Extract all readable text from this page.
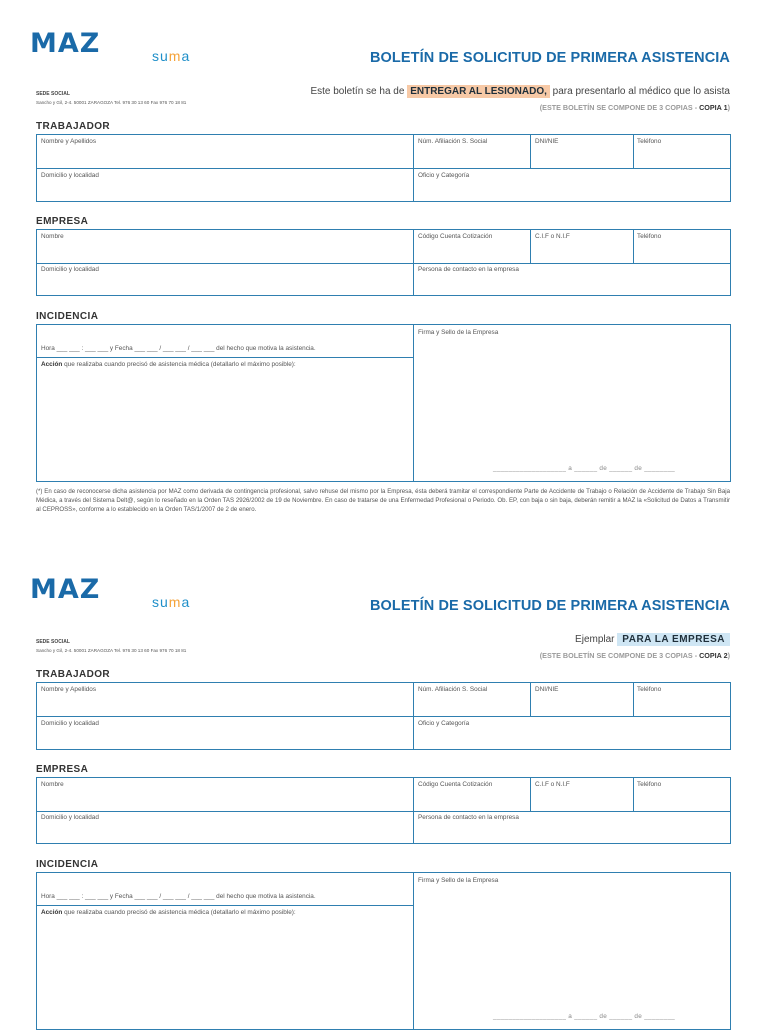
MAZ	suma	BOLETÍN DE SOLICITUD DE PRIMERA ASISTENCIA
SEDE SOCIAL
Sancho y Gil, 2-4. 50001 ZARAGOZA Tel. 976 30 13 60 Fax 976 70 18 81
Este boletín se ha de ENTREGAR AL LESIONADO, para presentarlo al médico que lo asista
(ESTE BOLETÍN SE COMPONE DE 3 COPIAS - COPIA 1)
TRABAJADOR
Nombre y Apellidos	Núm. Afiliación S. Social	DNI/NIE	Teléfono
Domicilio y localidad	Oficio y Categoría
EMPRESA
Nombre	Código Cuenta Cotización	C.I.F o N.I.F	Teléfono
Domicilio y localidad	Persona de contacto en la empresa
INCIDENCIA
Hora ___ ___ : ___ ___ y Fecha ___ ___ / ___ ___ / ___ ___ del hecho que motiva la asistencia.
Acción que realizaba cuando precisó de asistencia médica (detallarlo el máximo posible):
Firma y Sello de la Empresa
___________________ a ______ de ______ de ________
(*) En caso de reconocerse dicha asistencia por MAZ como derivada de contingencia profesional, salvo rehuse del mismo por la Empresa, ésta deberá tramitar el correspondiente Parte de Accidente de Trabajo o Relación de Accidente de Trabajo Sin Baja Médica, a través del Sistema Delt@, según lo reseñado en la Orden TAS 2926/2002 de 19 de Noviembre. En caso de tratarse de una Enfermedad Profesional o Periodo. Ob. EP, con baja o sin baja, deberán remitir a MAZ la «Solicitud de Datos a Transmitir al CEPROSS», conforme a lo establecido en la Orden TAS/1/2007 de 2 de enero.
MAZ	suma	BOLETÍN DE SOLICITUD DE PRIMERA ASISTENCIA
SEDE SOCIAL
Sancho y Gil, 2-4. 50001 ZARAGOZA Tel. 976 30 13 60 Fax 976 70 18 81
Ejemplar PARA LA EMPRESA
(ESTE BOLETÍN SE COMPONE DE 3 COPIAS - COPIA 2)
TRABAJADOR
Nombre y Apellidos	Núm. Afiliación S. Social	DNI/NIE	Teléfono
Domicilio y localidad	Oficio y Categoría
EMPRESA
Nombre	Código Cuenta Cotización	C.I.F o N.I.F	Teléfono
Domicilio y localidad	Persona de contacto en la empresa
INCIDENCIA
Hora ___ ___ : ___ ___ y Fecha ___ ___ / ___ ___ / ___ ___ del hecho que motiva la asistencia.
Acción que realizaba cuando precisó de asistencia médica (detallarlo el máximo posible):
Firma y Sello de la Empresa
___________________ a ______ de ______ de ________
